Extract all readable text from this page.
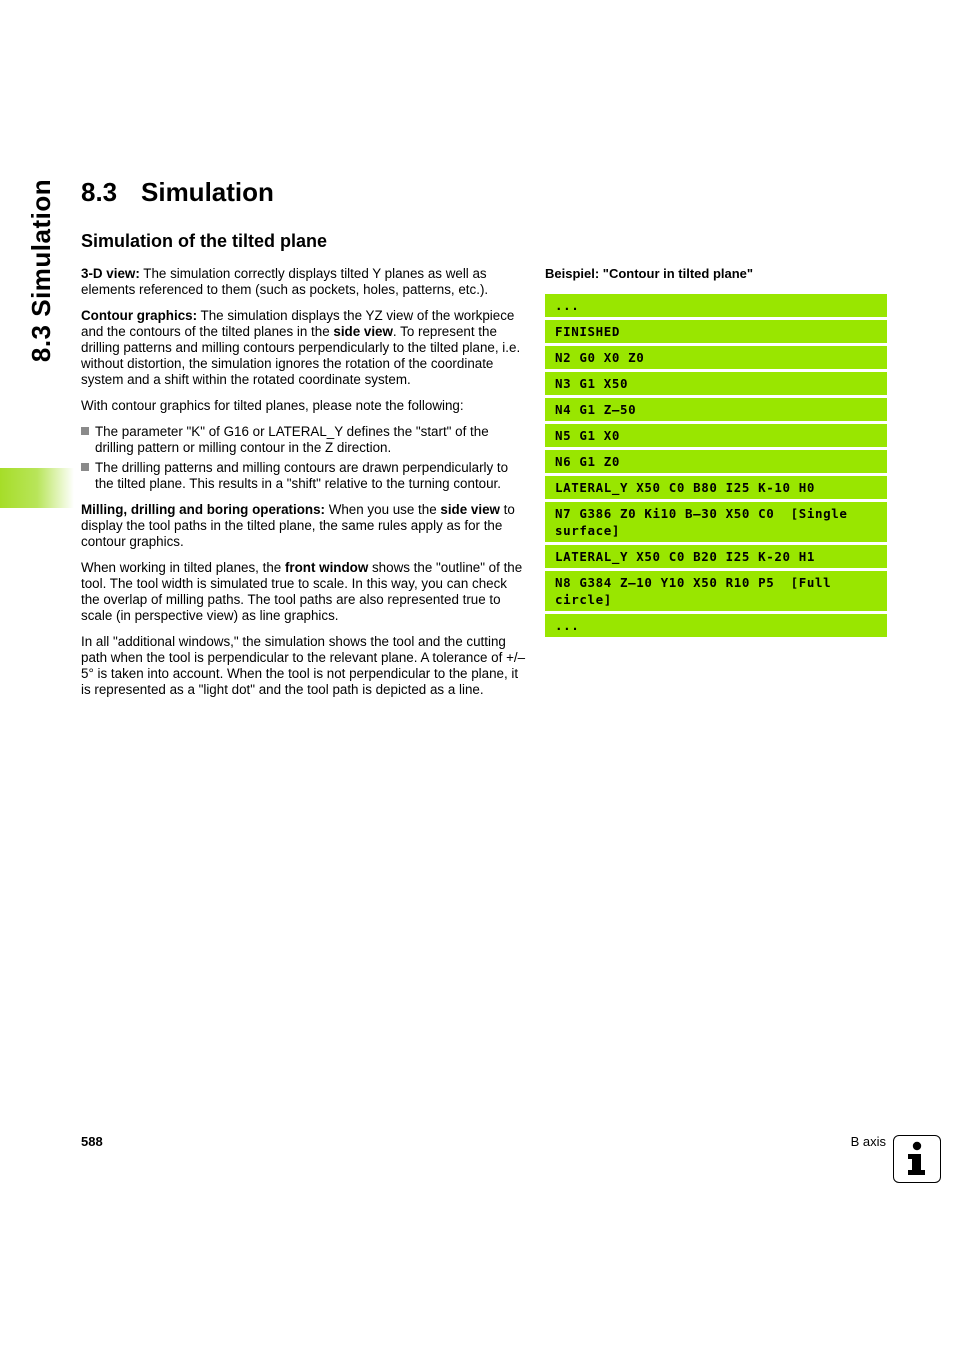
8.3 Simulation 8.3 Simulation
Simulation of the tilted plane

3-D view: The simulation correctly displays tilted Y planes as well as elements referenced to them (such as pockets, holes, patterns, etc.).

Contour graphics: The simulation displays the YZ view of the workpiece and the contours of the tilted planes in the side view. To represent the drilling patterns and milling contours perpendicularly to the tilted plane, i.e. without distortion, the simulation ignores the rotation of the coordinate system and a shift within the rotated coordinate system.

With contour graphics for tilted planes, please note the following:

The parameter "K" of G16 or LATERAL_Y defines the "start" of the drilling pattern or milling contour in the Z direction.
The drilling patterns and milling contours are drawn perpendicularly to the tilted plane. This results in a "shift" relative to the turning contour.

Milling, drilling and boring operations: When you use the side view to display the tool paths in the tilted plane, the same rules apply as for the contour graphics.

When working in tilted planes, the front window shows the "outline" of the tool. The tool width is simulated true to scale. In this way, you can check the overlap of milling paths. The tool paths are also represented true to scale (in perspective view) as line graphics.

In all "additional windows," the simulation shows the tool and the cutting path when the tool is perpendicular to the relevant plane. A tolerance of +/– 5° is taken into account. When the tool is not perpendicular to the plane, it is represented as a "light dot" and the tool path is depicted as a line.

Beispiel: "Contour in tilted plane"
...
FINISHED
N2 G0 X0 Z0
N3 G1 X50
N4 G1 Z–50
N5 G1 X0
N6 G1 Z0
LATERAL_Y X50 C0 B80 I25 K-10 H0
N7 G386 Z0 Ki10 B–30 X50 C0  [Single surface]
LATERAL_Y X50 C0 B20 I25 K-20 H1
N8 G384 Z–10 Y10 X50 R10 P5  [Full circle]
...
588	B axis
